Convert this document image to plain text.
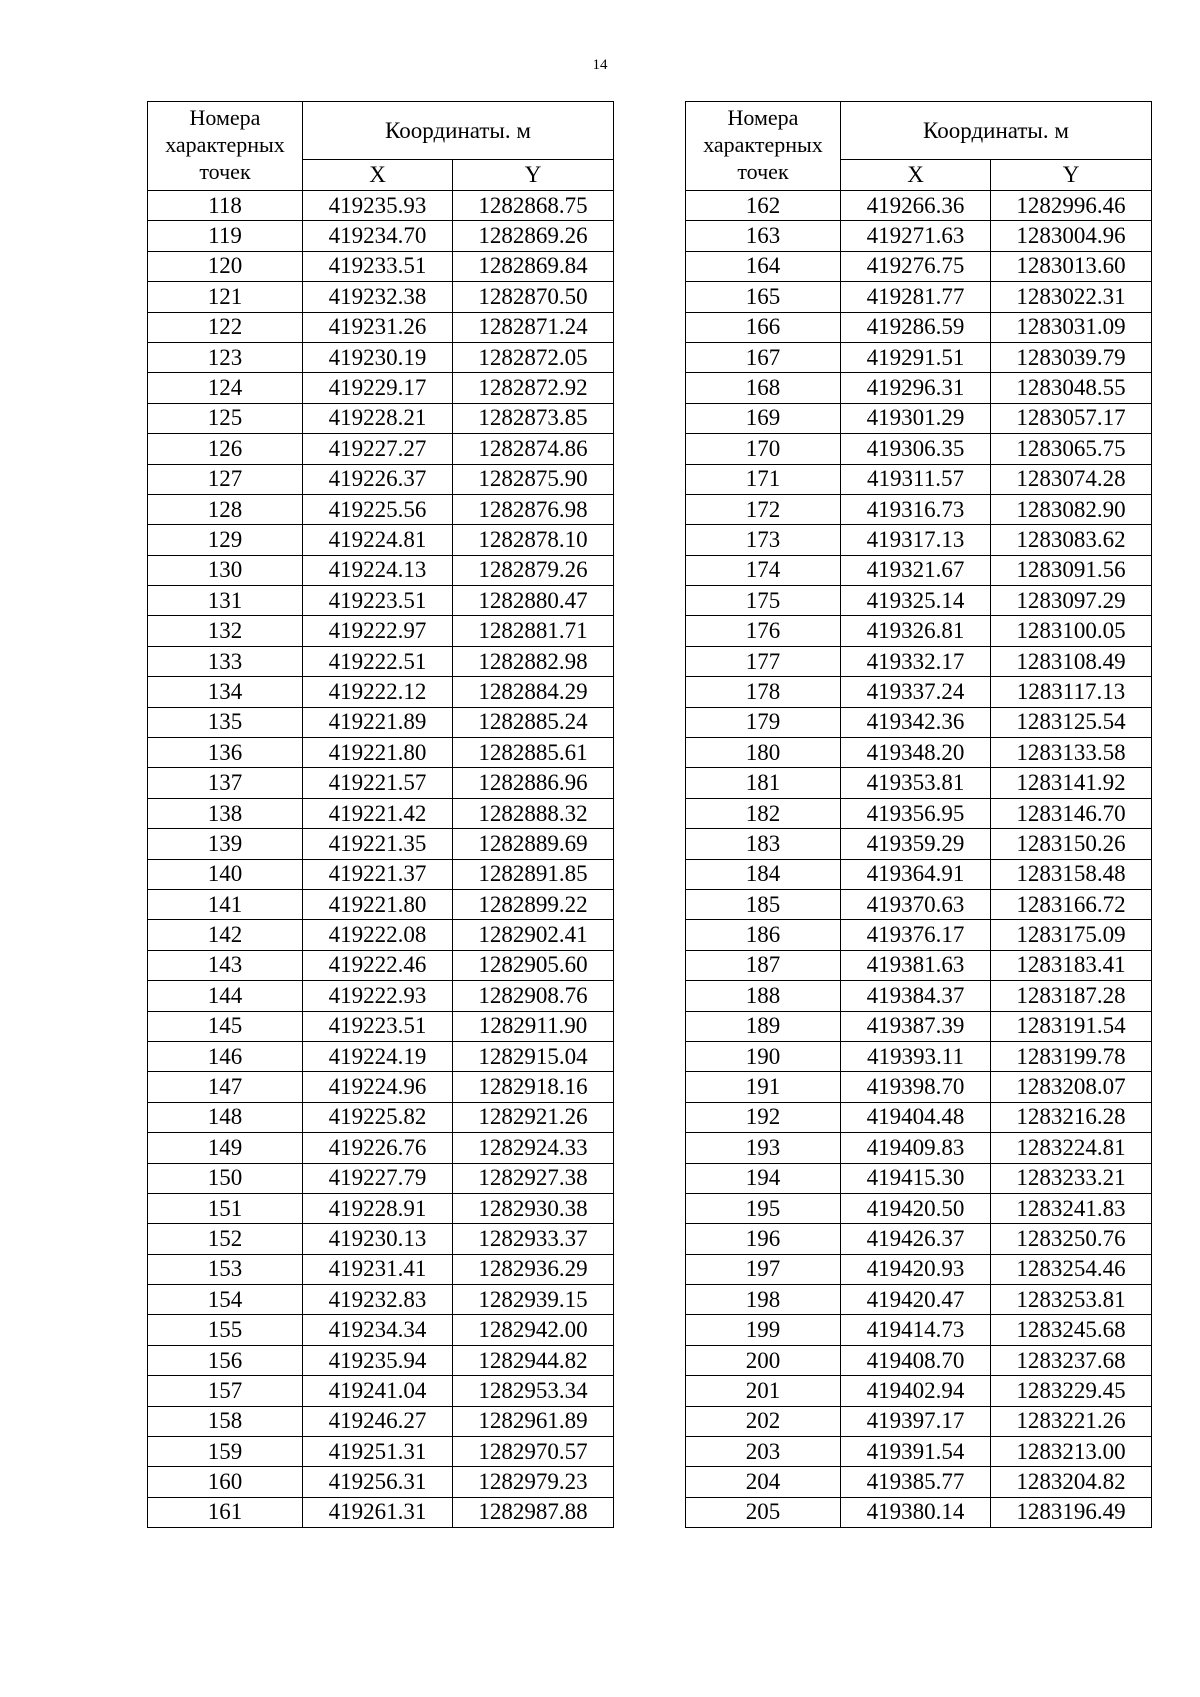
14
Номера характерных точек	Координаты. м	
	X	Y
118	419235.93	1282868.75
119	419234.70	1282869.26
120	419233.51	1282869.84
121	419232.38	1282870.50
122	419231.26	1282871.24
123	419230.19	1282872.05
124	419229.17	1282872.92
125	419228.21	1282873.85
126	419227.27	1282874.86
127	419226.37	1282875.90
128	419225.56	1282876.98
129	419224.81	1282878.10
130	419224.13	1282879.26
131	419223.51	1282880.47
132	419222.97	1282881.71
133	419222.51	1282882.98
134	419222.12	1282884.29
135	419221.89	1282885.24
136	419221.80	1282885.61
137	419221.57	1282886.96
138	419221.42	1282888.32
139	419221.35	1282889.69
140	419221.37	1282891.85
141	419221.80	1282899.22
142	419222.08	1282902.41
143	419222.46	1282905.60
144	419222.93	1282908.76
145	419223.51	1282911.90
146	419224.19	1282915.04
147	419224.96	1282918.16
148	419225.82	1282921.26
149	419226.76	1282924.33
150	419227.79	1282927.38
151	419228.91	1282930.38
152	419230.13	1282933.37
153	419231.41	1282936.29
154	419232.83	1282939.15
155	419234.34	1282942.00
156	419235.94	1282944.82
157	419241.04	1282953.34
158	419246.27	1282961.89
159	419251.31	1282970.57
160	419256.31	1282979.23
161	419261.31	1282987.88
Номера характерных точек	Координаты. м	
	X	Y
162	419266.36	1282996.46
163	419271.63	1283004.96
164	419276.75	1283013.60
165	419281.77	1283022.31
166	419286.59	1283031.09
167	419291.51	1283039.79
168	419296.31	1283048.55
169	419301.29	1283057.17
170	419306.35	1283065.75
171	419311.57	1283074.28
172	419316.73	1283082.90
173	419317.13	1283083.62
174	419321.67	1283091.56
175	419325.14	1283097.29
176	419326.81	1283100.05
177	419332.17	1283108.49
178	419337.24	1283117.13
179	419342.36	1283125.54
180	419348.20	1283133.58
181	419353.81	1283141.92
182	419356.95	1283146.70
183	419359.29	1283150.26
184	419364.91	1283158.48
185	419370.63	1283166.72
186	419376.17	1283175.09
187	419381.63	1283183.41
188	419384.37	1283187.28
189	419387.39	1283191.54
190	419393.11	1283199.78
191	419398.70	1283208.07
192	419404.48	1283216.28
193	419409.83	1283224.81
194	419415.30	1283233.21
195	419420.50	1283241.83
196	419426.37	1283250.76
197	419420.93	1283254.46
198	419420.47	1283253.81
199	419414.73	1283245.68
200	419408.70	1283237.68
201	419402.94	1283229.45
202	419397.17	1283221.26
203	419391.54	1283213.00
204	419385.77	1283204.82
205	419380.14	1283196.49
